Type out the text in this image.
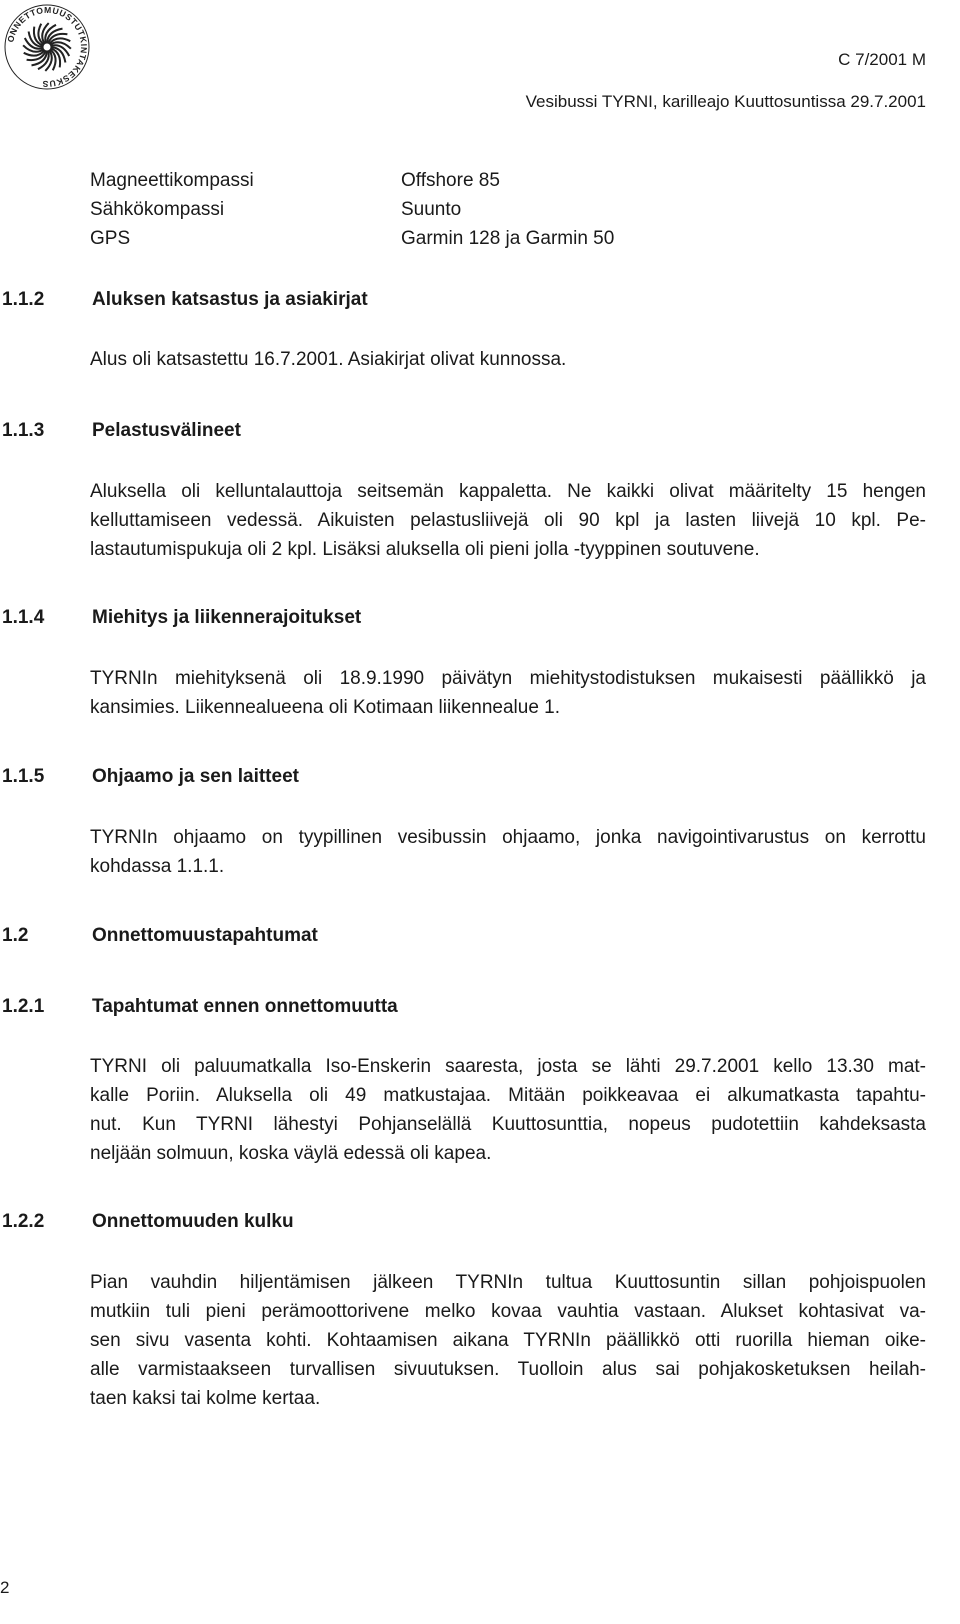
ONNETTOMUUSTUTKINTAKESKUS
C 7/2001 M
Vesibussi TYRNI, karilleajo Kuuttosuntissa 29.7.2001
Magneettikompassi	Offshore 85
Sähkökompassi	Suunto
GPS	Garmin 128 ja Garmin 50
1.1.2	Aluksen katsastus ja asiakirjat
Alus oli katsastettu 16.7.2001. Asiakirjat olivat kunnossa.
1.1.3	Pelastusvälineet
Aluksella oli kelluntalauttoja seitsemän kappaletta. Ne kaikki olivat määritelty 15 hengen
kelluttamiseen vedessä. Aikuisten pelastusliivejä oli 90 kpl ja lasten liivejä 10 kpl. Pe-
lastautumispukuja oli 2 kpl. Lisäksi aluksella oli pieni jolla -tyyppinen soutuvene.
1.1.4	Miehitys ja liikennerajoitukset
TYRNIn miehityksenä oli 18.9.1990 päivätyn miehitystodistuksen mukaisesti päällikkö ja
kansimies. Liikennealueena oli Kotimaan liikennealue 1.
1.1.5	Ohjaamo ja sen laitteet
TYRNIn ohjaamo on tyypillinen vesibussin ohjaamo, jonka navigointivarustus on kerrottu
kohdassa 1.1.1.
1.2	Onnettomuustapahtumat
1.2.1	Tapahtumat ennen onnettomuutta
TYRNI oli paluumatkalla Iso-Enskerin saaresta, josta se lähti 29.7.2001 kello 13.30 mat-
kalle Poriin. Aluksella oli 49 matkustajaa. Mitään poikkeavaa ei alkumatkasta tapahtu-
nut. Kun TYRNI lähestyi Pohjanselällä Kuuttosunttia, nopeus pudotettiin kahdeksasta
neljään solmuun, koska väylä edessä oli kapea.
1.2.2	Onnettomuuden kulku
Pian vauhdin hiljentämisen jälkeen TYRNIn tultua Kuuttosuntin sillan pohjoispuolen
mutkiin tuli pieni perämoottorivene melko kovaa vauhtia vastaan. Alukset kohtasivat va-
sen sivu vasenta kohti. Kohtaamisen aikana TYRNIn päällikkö otti ruorilla hieman oike-
alle varmistaakseen turvallisen sivuutuksen. Tuolloin alus sai pohjakosketuksen heilah-
taen kaksi tai kolme kertaa.
2
